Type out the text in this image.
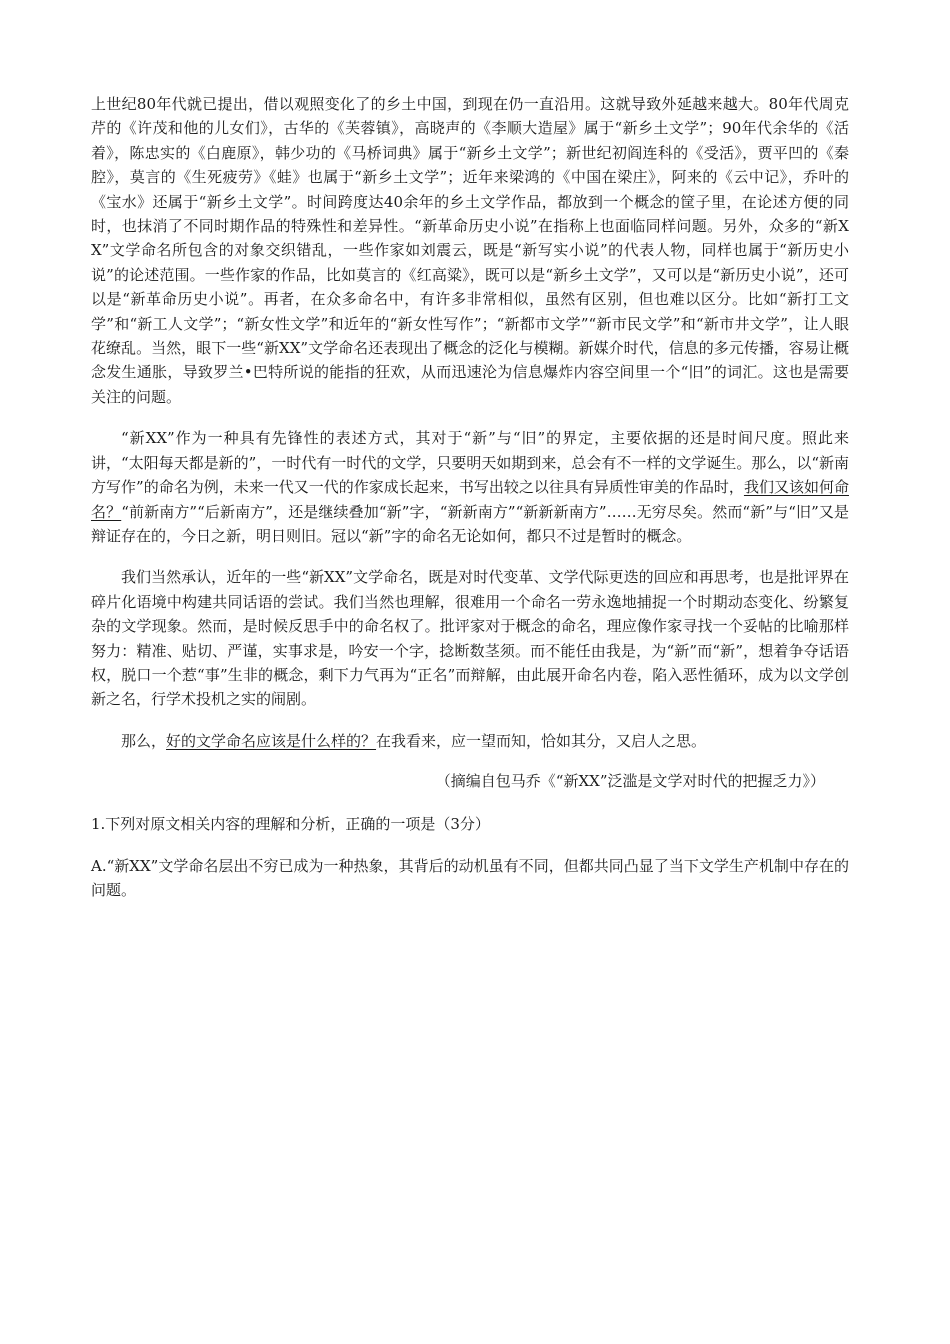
上世纪80年代就已提出，借以观照变化了的乡土中国，到现在仍一直沿用。这就导致外延越来越大。80年代周克芹的《许茂和他的儿女们》，古华的《芙蓉镇》，高晓声的《李顺大造屋》属于“新乡土文学”；90年代余华的《活着》，陈忠实的《白鹿原》，韩少功的《马桥词典》属于“新乡土文学”；新世纪初阎连科的《受活》，贾平凹的《秦腔》，莫言的《生死疲劳》《蛙》也属于“新乡土文学”；近年来梁鸿的《中国在梁庄》，阿来的《云中记》，乔叶的《宝水》还属于“新乡土文学”。时间跨度达40余年的乡土文学作品，都放到一个概念的筐子里，在论述方便的同时，也抹消了不同时期作品的特殊性和差异性。“新革命历史小说”在指称上也面临同样问题。另外，众多的“新XX”文学命名所包含的对象交织错乱，一些作家如刘震云，既是“新写实小说”的代表人物，同样也属于“新历史小说”的论述范围。一些作家的作品，比如莫言的《红高粱》，既可以是“新乡土文学”，又可以是“新历史小说”，还可以是“新革命历史小说”。再者，在众多命名中，有许多非常相似，虽然有区别，但也难以区分。比如“新打工文学”和“新工人文学”；“新女性文学”和近年的“新女性写作”；“新都市文学”“新市民文学”和“新市井文学”，让人眼花缭乱。当然，眼下一些“新XX”文学命名还表现出了概念的泛化与模糊。新媒介时代，信息的多元传播，容易让概念发生通胀，导致罗兰•巴特所说的能指的狂欢，从而迅速沦为信息爆炸内容空间里一个“旧”的词汇。这也是需要关注的问题。

“新XX”作为一种具有先锋性的表述方式，其对于“新”与“旧”的界定，主要依据的还是时间尺度。照此来讲，“太阳每天都是新的”，一时代有一时代的文学，只要明天如期到来，总会有不一样的文学诞生。那么，以“新南方写作”的命名为例，未来一代又一代的作家成长起来，书写出较之以往具有异质性审美的作品时，我们又该如何命名？“前新南方”“后新南方”，还是继续叠加“新”字，“新新南方”“新新新南方”……无穷尽矣。然而“新”与“旧”又是辩证存在的，今日之新，明日则旧。冠以“新”字的命名无论如何，都只不过是暂时的概念。

我们当然承认，近年的一些“新XX”文学命名，既是对时代变革、文学代际更迭的回应和再思考，也是批评界在碎片化语境中构建共同话语的尝试。我们当然也理解，很难用一个命名一劳永逸地捕捉一个时期动态变化、纷繁复杂的文学现象。然而，是时候反思手中的命名权了。批评家对于概念的命名，理应像作家寻找一个妥帖的比喻那样努力：精准、贴切、严谨，实事求是，吟安一个字，捻断数茎须。而不能任由我是，为“新”而“新”，想着争夺话语权，脱口一个惹“事”生非的概念，剩下力气再为“正名”而辩解，由此展开命名内卷，陷入恶性循环，成为以文学创新之名，行学术投机之实的闹剧。

那么，好的文学命名应该是什么样的？在我看来，应一望而知，恰如其分，又启人之思。

（摘编自包马乔《“新XX”泛滥是文学对时代的把握乏力》）

1.下列对原文相关内容的理解和分析，正确的一项是（3分）

A.“新XX”文学命名层出不穷已成为一种热象，其背后的动机虽有不同，但都共同凸显了当下文学生产机制中存在的问题。
